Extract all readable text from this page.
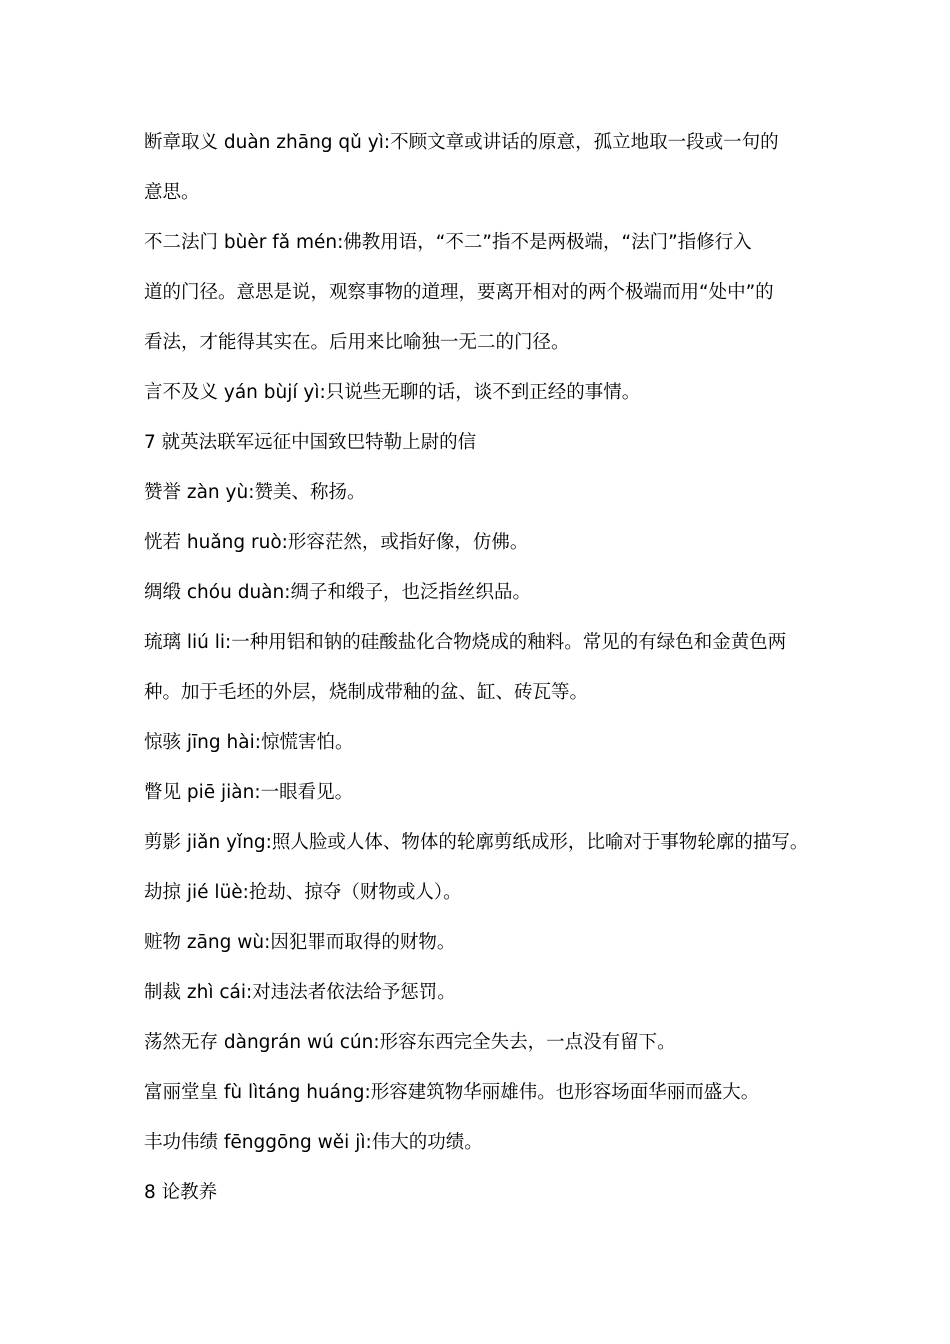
断章取义 duàn zhāng qǔ yì:不顾文章或讲话的原意，孤立地取一段或一句的
意思。
不二法门 bùèr fǎ mén:佛教用语，“不二”指不是两极端，“法门”指修行入
道的门径。意思是说，观察事物的道理，要离开相对的两个极端而用“处中”的
看法，才能得其实在。后用来比喻独一无二的门径。
言不及义 yán bùjí yì:只说些无聊的话，谈不到正经的事情。
7 就英法联军远征中国致巴特勒上尉的信
赞誉 zàn yù:赞美、称扬。
恍若 huǎng ruò:形容茫然，或指好像，仿佛。
绸缎 chóu duàn:绸子和缎子，也泛指丝织品。
琉璃 liú li:一种用铝和钠的硅酸盐化合物烧成的釉料。常见的有绿色和金黄色两
种。加于毛坯的外层，烧制成带釉的盆、缸、砖瓦等。
惊骇 jīng hài:惊慌害怕。
瞥见 piē jiàn:一眼看见。
剪影 jiǎn yǐng:照人脸或人体、物体的轮廓剪纸成形，比喻对于事物轮廓的描写。
劫掠 jié lüè:抢劫、掠夺（财物或人）。
赃物 zāng wù:因犯罪而取得的财物。
制裁 zhì cái:对违法者依法给予惩罚。
荡然无存 dàngrán wú cún:形容东西完全失去，一点没有留下。
富丽堂皇 fù lìtáng huáng:形容建筑物华丽雄伟。也形容场面华丽而盛大。
丰功伟绩 fēnggōng wěi jì:伟大的功绩。
8 论教养
